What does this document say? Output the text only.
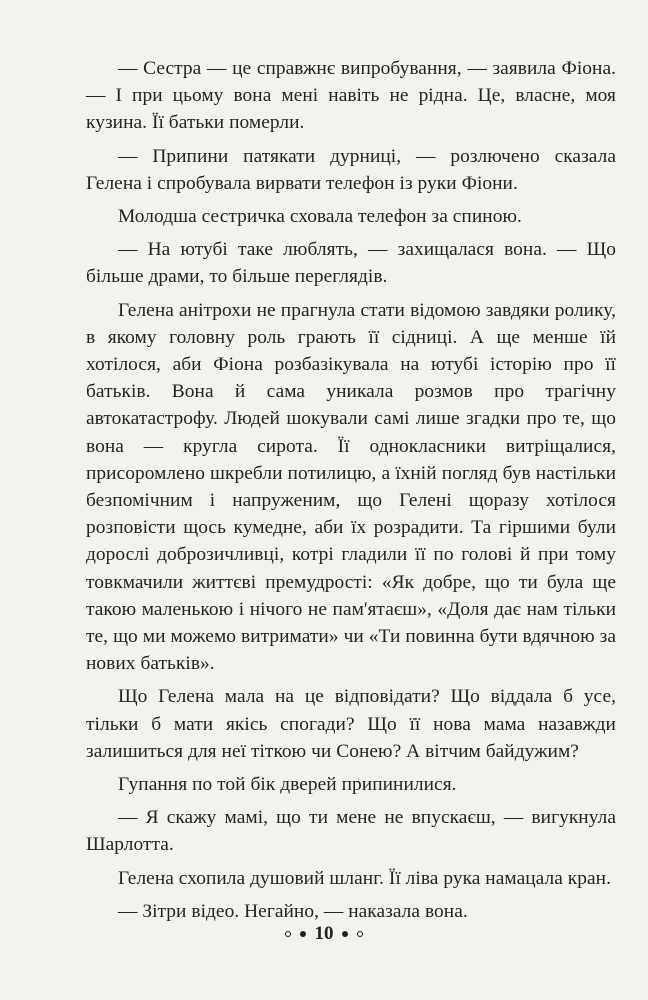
— Сестра — це справжнє випробування, — заявила Фіона. — І при цьому вона мені навіть не рідна. Це, власне, моя кузина. Її батьки померли.

— Припини патякати дурниці, — розлючено сказала Гелена і спробувала вирвати телефон із руки Фіони.

Молодша сестричка сховала телефон за спиною.

— На ютубі таке люблять, — захищалася вона. — Що більше драми, то більше переглядів.

Гелена анітрохи не прагнула стати відомою завдяки ролику, в якому головну роль грають її сідниці. А ще менше їй хотілося, аби Фіона розбазікувала на ютубі історію про її батьків. Вона й сама уникала розмов про трагічну автокатастрофу. Людей шокували самі лише згадки про те, що вона — кругла сирота. Її однокласники витріщалися, присоромлено шкребли потилицю, а їхній погляд був настільки безпомічним і напруженим, що Гелені щоразу хотілося розповісти щось кумедне, аби їх розрадити. Та гіршими були дорослі доброзичливці, котрі гладили її по голові й при тому товкмачили життєві премудрості: «Як добре, що ти була ще такою маленькою і нічого не пам'ятаєш», «Доля дає нам тільки те, що ми можемо витримати» чи «Ти повинна бути вдячною за нових батьків».

Що Гелена мала на це відповідати? Що віддала б усе, тільки б мати якісь спогади? Що її нова мама назавжди залишиться для неї тіткою чи Сонею? А вітчим байдужим?

Гупання по той бік дверей припинилися.

— Я скажу мамі, що ти мене не впускаєш, — вигукнула Шарлотта.

Гелена схопила душовий шланг. Її ліва рука намацала кран.

— Зітри відео. Негайно, — наказала вона.

10
